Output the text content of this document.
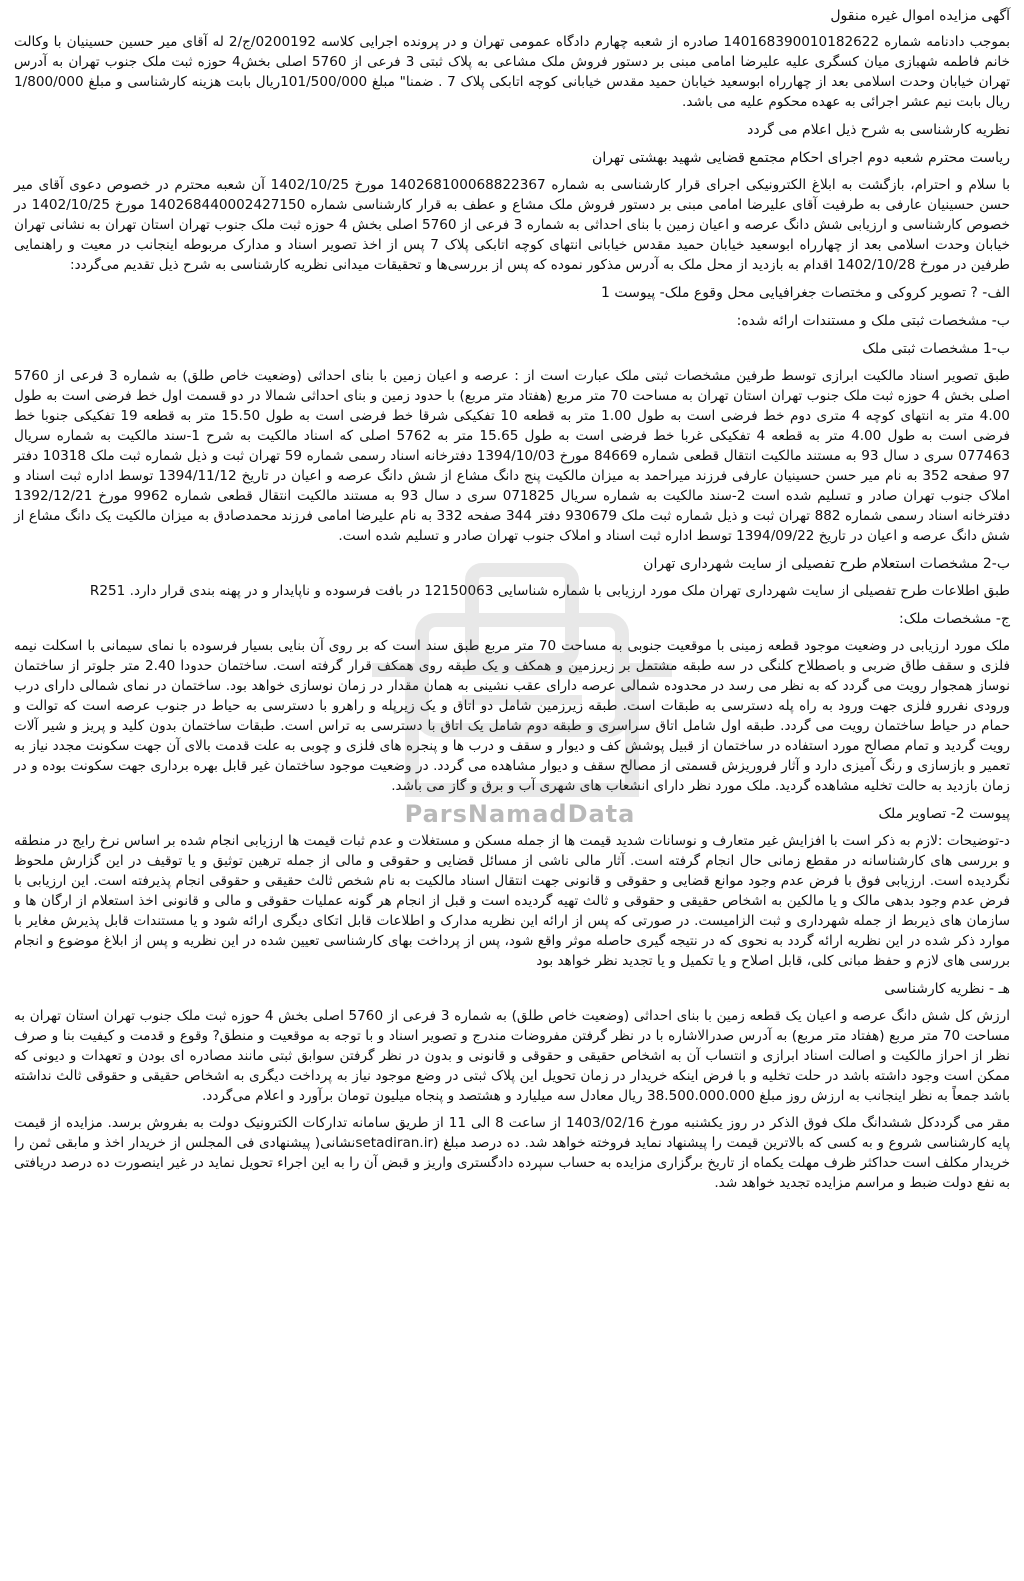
ParsNamadData

آگهی مزایده اموال غیره منقول

بموجب دادنامه شماره 140168390010182622 صادره از شعبه چهارم دادگاه عمومی تهران و در پرونده اجرایی کلاسه 0200192/ج/2 له آقای میر حسین حسینیان با وکالت خانم فاطمه شهبازی میان کسگری علیه علیرضا امامی مبنی بر دستور فروش ملک مشاعی به پلاک ثبتی 3 فرعی از 5760 اصلی بخش4 حوزه ثبت ملک جنوب تهران به آدرس تهران خیابان وحدت اسلامی بعد از چهارراه ابوسعید خیابان حمید مقدس خیابانی کوچه اتابکی پلاک 7 . ضمنا" مبلغ 101/500/000ریال بابت هزینه کارشناسی و مبلغ 1/800/000 ریال بابت نیم عشر اجرائی به عهده محکوم علیه می باشد.

نظریه کارشناسی به شرح ذیل اعلام می گردد

ریاست محترم شعبه دوم اجرای احکام مجتمع قضایی شهید بهشتی تهران

با سلام و احترام، بازگشت به ابلاغ الکترونیکی اجرای قرار کارشناسی به شماره 140268100068822367 مورخ 1402/10/25 آن شعبه محترم در خصوص دعوی آقای میر حسن حسینیان عارفی به طرفیت آقای علیرضا امامی مبنی بر دستور فروش ملک مشاع و عطف به قرار کارشناسی شماره 140268440002427150 مورخ 1402/10/25 در خصوص کارشناسی و ارزیابی شش دانگ عرصه و اعیان زمین با بنای احداثی به شماره 3 فرعی از 5760 اصلی بخش 4 حوزه ثبت ملک جنوب تهران استان تهران به نشانی تهران خیابان وحدت اسلامی بعد از چهارراه ابوسعید خیابان حمید مقدس خیابانی انتهای کوچه اتابکی پلاک 7 پس از اخذ تصویر اسناد و مدارک مربوطه اینجانب در معیت و راهنمایی طرفین در مورخ 1402/10/28 اقدام به بازدید از محل ملک به آدرس مذکور نموده که پس از بررسی‌ها و تحقیقات میدانی نظریه کارشناسی به شرح ذیل تقدیم می‌گردد:

الف- ? تصویر کروکی و مختصات جغرافیایی محل وقوع ملک- پیوست 1

ب- مشخصات ثبتی ملک و مستندات ارائه شده:

ب-1 مشخصات ثبتی ملک

طبق تصویر اسناد مالکیت ابرازی توسط طرفین مشخصات ثبتی ملک عبارت است از : عرصه و اعیان زمین با بنای احداثی (وضعیت خاص طلق) به شماره 3 فرعی از 5760 اصلی بخش 4 حوزه ثبت ملک جنوب تهران استان تهران به مساحت 70 متر مربع (هفتاد متر مربع) با حدود زمین و بنای احداثی شمالا در دو قسمت اول خط فرضی است به طول 4.00 متر به انتهای کوچه 4 متری دوم خط فرضی است به طول 1.00 متر به قطعه 10 تفکیکی شرقا خط فرضی است به طول 15.50 متر به قطعه 19 تفکیکی جنوبا خط فرضی است به طول 4.00 متر به قطعه 4 تفکیکی غربا خط فرضی است به طول 15.65 متر به 5762 اصلی که اسناد مالکیت به شرح 1-سند مالکیت به شماره سریال 077463 سری د سال 93 به مستند مالکیت انتقال قطعی شماره 84669 مورخ 1394/10/03 دفترخانه اسناد رسمی شماره 59 تهران ثبت و ذیل شماره ثبت ملک 10318 دفتر 97 صفحه 352 به نام میر حسن حسینیان عارفی فرزند میراحمد به میزان مالکیت پنج دانگ مشاع از شش دانگ عرصه و اعیان در تاریخ 1394/11/12 توسط اداره ثبت اسناد و املاک جنوب تهران صادر و تسلیم شده است 2-سند مالکیت به شماره سریال 071825 سری د سال 93 به مستند مالکیت انتقال قطعی شماره 9962 مورخ 1392/12/21 دفترخانه اسناد رسمی شماره 882 تهران ثبت و ذیل شماره ثبت ملک 930679 دفتر 344 صفحه 332 به نام علیرضا امامی فرزند محمدصادق به میزان مالکیت یک دانگ مشاع از شش دانگ عرصه و اعیان در تاریخ 1394/09/22 توسط اداره ثبت اسناد و املاک جنوب تهران صادر و تسلیم شده است.

ب-2 مشخصات استعلام طرح تفصیلی از سایت شهرداری تهران

طبق اطلاعات طرح تفصیلی از سایت شهرداری تهران ملک مورد ارزیابی با شماره شناسایی 12150063 در بافت فرسوده و ناپایدار و در پهنه بندی قرار دارد. R251

ج- مشخصات ملک:

ملک مورد ارزیابی در وضعیت موجود قطعه زمینی با موقعیت جنوبی به مساحت 70 متر مربع طبق سند است که بر روی آن بنایی بسیار فرسوده با نمای سیمانی با اسکلت نیمه فلزی و سقف طاق ضربی و باصطلاح کلنگی در سه طبقه مشتمل بر زیرزمین و همکف و یک طبقه روی همکف قرار گرفته است. ساختمان حدودا 2.40 متر جلوتر از ساختمان نوساز همجوار رویت می گردد که به نظر می رسد در محدوده شمالی عرصه دارای عقب نشینی به همان مقدار در زمان نوسازی خواهد بود. ساختمان در نمای شمالی دارای درب ورودی نفررو فلزی جهت ورود به راه پله دسترسی به طبقات است. طبقه زیرزمین شامل دو اتاق و یک زیرپله و راهرو با دسترسی به حیاط در جنوب عرصه است که توالت و حمام در حیاط ساختمان رویت می گردد. طبقه اول شامل اتاق سراسری و طبقه دوم شامل یک اتاق با دسترسی به تراس است. طبقات ساختمان بدون کلید و پریز و شیر آلات رویت گردید و تمام مصالح مورد استفاده در ساختمان از قبیل پوشش کف و دیوار و سقف و درب ها و پنجره های فلزی و چوبی به علت قدمت بالای آن جهت سکونت مجدد نیاز به تعمیر و بازسازی و رنگ آمیزی دارد و آثار فروریزش قسمتی از مصالح سقف و دیوار مشاهده می گردد. در وضعیت موجود ساختمان غیر قابل بهره برداری جهت سکونت بوده و در زمان بازدید به حالت تخلیه مشاهده گردید. ملک مورد نظر دارای انشعاب های شهری آب و برق و گاز می باشد.

پیوست 2- تصاویر ملک

د-توضیحات :لازم به ذکر است با افزایش غیر متعارف و نوسانات شدید قیمت ها از جمله مسکن و مستغلات و عدم ثبات قیمت ها ارزیابی انجام شده بر اساس نرخ رایج در منطقه و بررسی های کارشناسانه در مقطع زمانی حال انجام گرفته است. آثار مالی ناشی از مسائل قضایی و حقوقی و مالی از جمله ترهین توثیق و یا توقیف در این گزارش ملحوظ نگردیده است. ارزیابی فوق با فرض عدم وجود موانع قضایی و حقوقی و قانونی جهت انتقال اسناد مالکیت به نام شخص ثالث حقیقی و حقوقی انجام پذیرفته است. این ارزیابی با فرض عدم وجود بدهی مالک و یا مالکین به اشخاص حقیقی و حقوقی و ثالث تهیه گردیده است و قبل از انجام هر گونه عملیات حقوقی و مالی و قانونی اخذ استعلام از ارگان ها و سازمان های ذیربط از جمله شهرداری و ثبت الزامیست. در صورتی که پس از ارائه این نظریه مدارک و اطلاعات قابل اتکای دیگری ارائه شود و یا مستندات قابل پذیرش مغایر با موارد ذکر شده در این نظریه ارائه گردد به نحوی که در نتیجه گیری حاصله موثر واقع شود، پس از پرداخت بهای کارشناسی تعیین شده در این نظریه و پس از ابلاغ موضوع و انجام بررسی های لازم و حفظ مبانی کلی، قابل اصلاح و یا تکمیل و یا تجدید نظر خواهد بود

هـ - نظریه کارشناسی

ارزش کل شش دانگ عرصه و اعیان یک قطعه زمین با بنای احداثی (وضعیت خاص طلق) به شماره 3 فرعی از 5760 اصلی بخش 4 حوزه ثبت ملک جنوب تهران استان تهران به مساحت 70 متر مربع (هفتاد متر مربع) به آدرس صدرالاشاره با در نظر گرفتن مفروضات مندرج و تصویر اسناد و با توجه به موقعیت و منطق? وقوع و قدمت و کیفیت بنا و صرف نظر از احراز مالکیت و اصالت اسناد ابرازی و انتساب آن به اشخاص حقیقی و حقوقی و قانونی و بدون در نظر گرفتن سوابق ثبتی مانند مصادره ای بودن و تعهدات و دیونی که ممکن است وجود داشته باشد در حلت تخلیه و با فرض اینکه خریدار در زمان تحویل این پلاک ثبتی در وضع موجود نیاز به پرداخت دیگری به اشخاص حقیقی و حقوقی ثالث نداشته باشد جمعاً به نظر اینجانب به ارزش روز مبلغ 38.500.000.000 ریال معادل سه میلیارد و هشتصد و پنجاه میلیون تومان برآورد و اعلام می‌گردد.

مقر می گرددکل ششدانگ ملک فوق الذکر در روز یکشنبه مورخ 1403/02/16 از ساعت 8 الی 11 از طریق سامانه تدارکات الکترونیک دولت به بفروش برسد. مزایده از قیمت پایه کارشناسی شروع و به کسی که بالاترین قیمت را پیشنهاد نماید فروخته خواهد شد. ده درصد مبلغ (setadiran.irنشانی( پیشنهادی فی المجلس از خریدار اخذ و مابقی ثمن را خریدار مکلف است حداکثر ظرف مهلت یکماه از تاریخ برگزاری مزایده به حساب سپرده دادگستری واریز و قبض آن را به این اجراء تحویل نماید در غیر اینصورت ده درصد دریافتی به نفع دولت ضبط و مراسم مزایده تجدید خواهد شد.
